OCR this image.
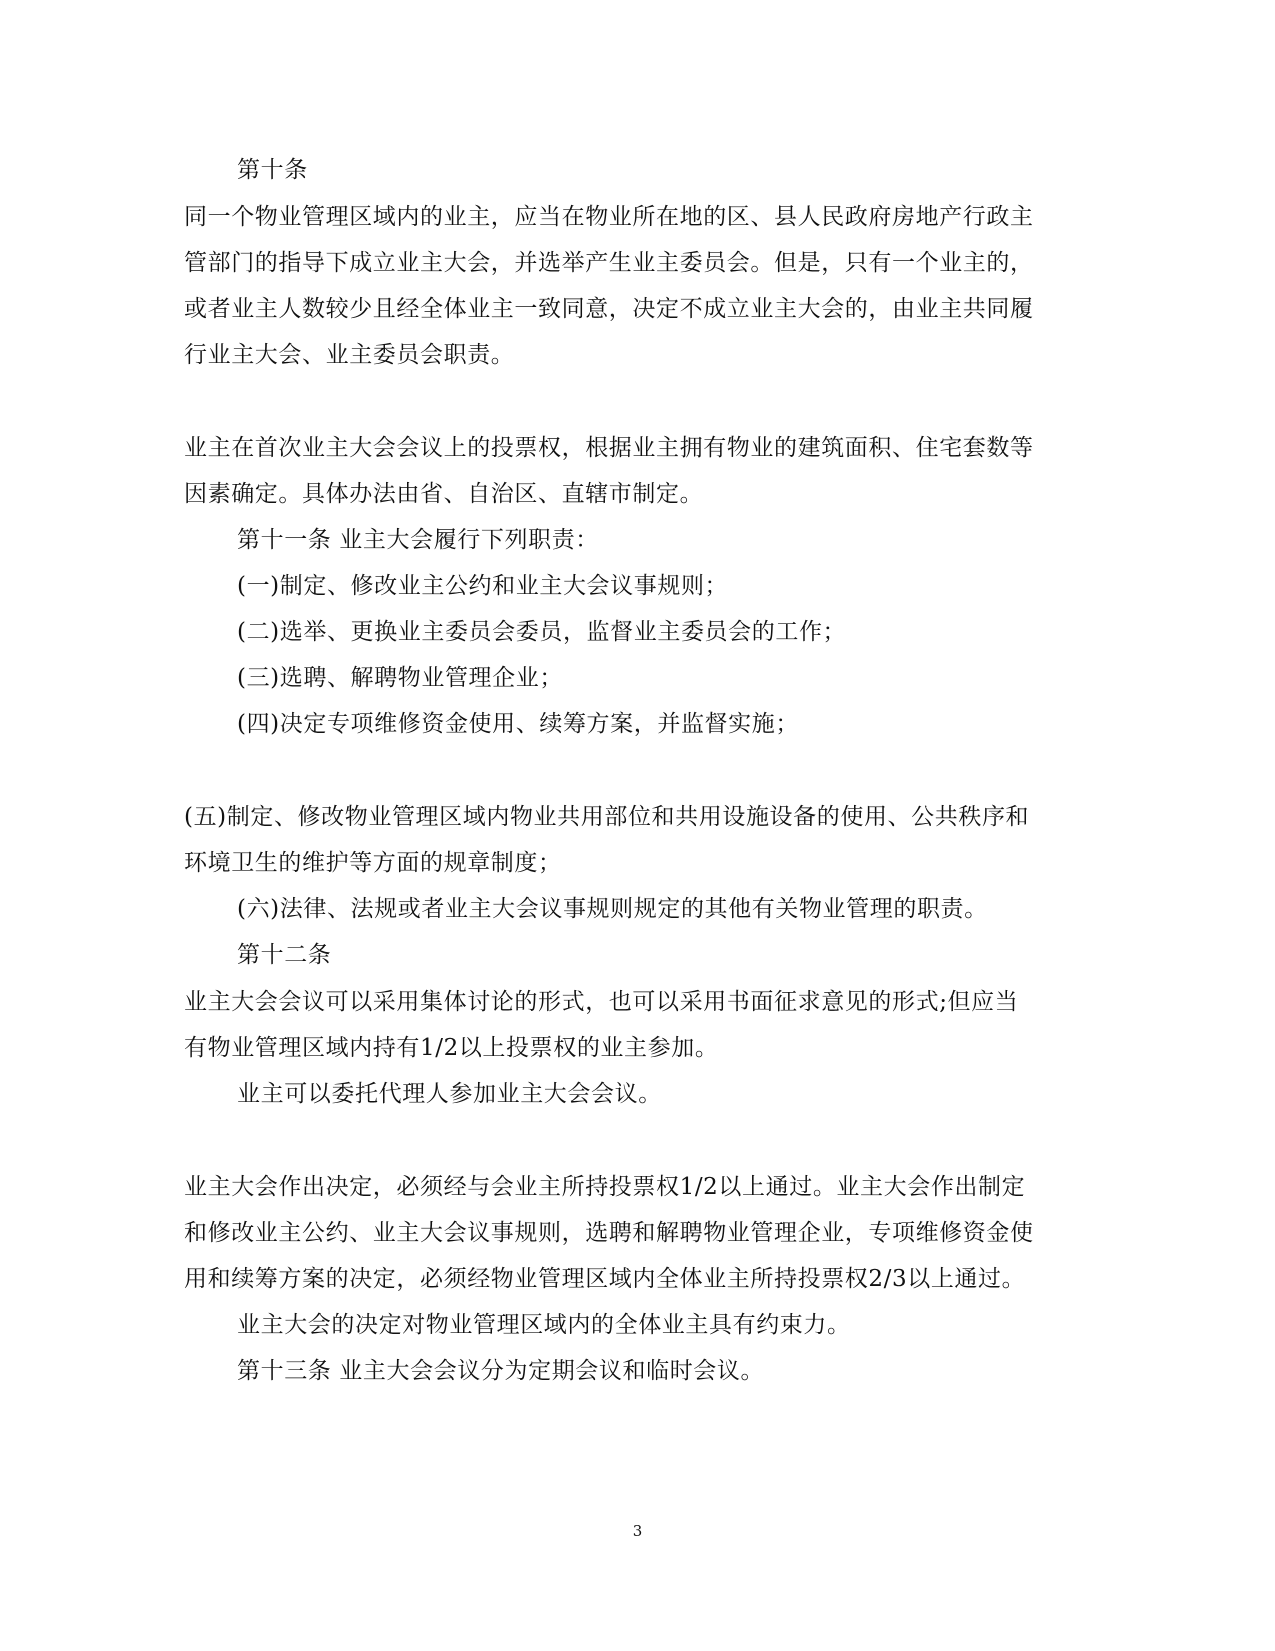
第十条
同一个物业管理区域内的业主，应当在物业所在地的区、县人民政府房地产行政主
管部门的指导下成立业主大会，并选举产生业主委员会。但是，只有一个业主的，
或者业主人数较少且经全体业主一致同意，决定不成立业主大会的，由业主共同履
行业主大会、业主委员会职责。
业主在首次业主大会会议上的投票权，根据业主拥有物业的建筑面积、住宅套数等
因素确定。具体办法由省、自治区、直辖市制定。
第十一条 业主大会履行下列职责：
(一)制定、修改业主公约和业主大会议事规则；
(二)选举、更换业主委员会委员，监督业主委员会的工作；
(三)选聘、解聘物业管理企业；
(四)决定专项维修资金使用、续筹方案，并监督实施；
(五)制定、修改物业管理区域内物业共用部位和共用设施设备的使用、公共秩序和
环境卫生的维护等方面的规章制度；
(六)法律、法规或者业主大会议事规则规定的其他有关物业管理的职责。
第十二条
业主大会会议可以采用集体讨论的形式，也可以采用书面征求意见的形式;但应当
有物业管理区域内持有1/2以上投票权的业主参加。
业主可以委托代理人参加业主大会会议。
业主大会作出决定，必须经与会业主所持投票权1/2以上通过。业主大会作出制定
和修改业主公约、业主大会议事规则，选聘和解聘物业管理企业，专项维修资金使
用和续筹方案的决定，必须经物业管理区域内全体业主所持投票权2/3以上通过。
业主大会的决定对物业管理区域内的全体业主具有约束力。
第十三条 业主大会会议分为定期会议和临时会议。
3
